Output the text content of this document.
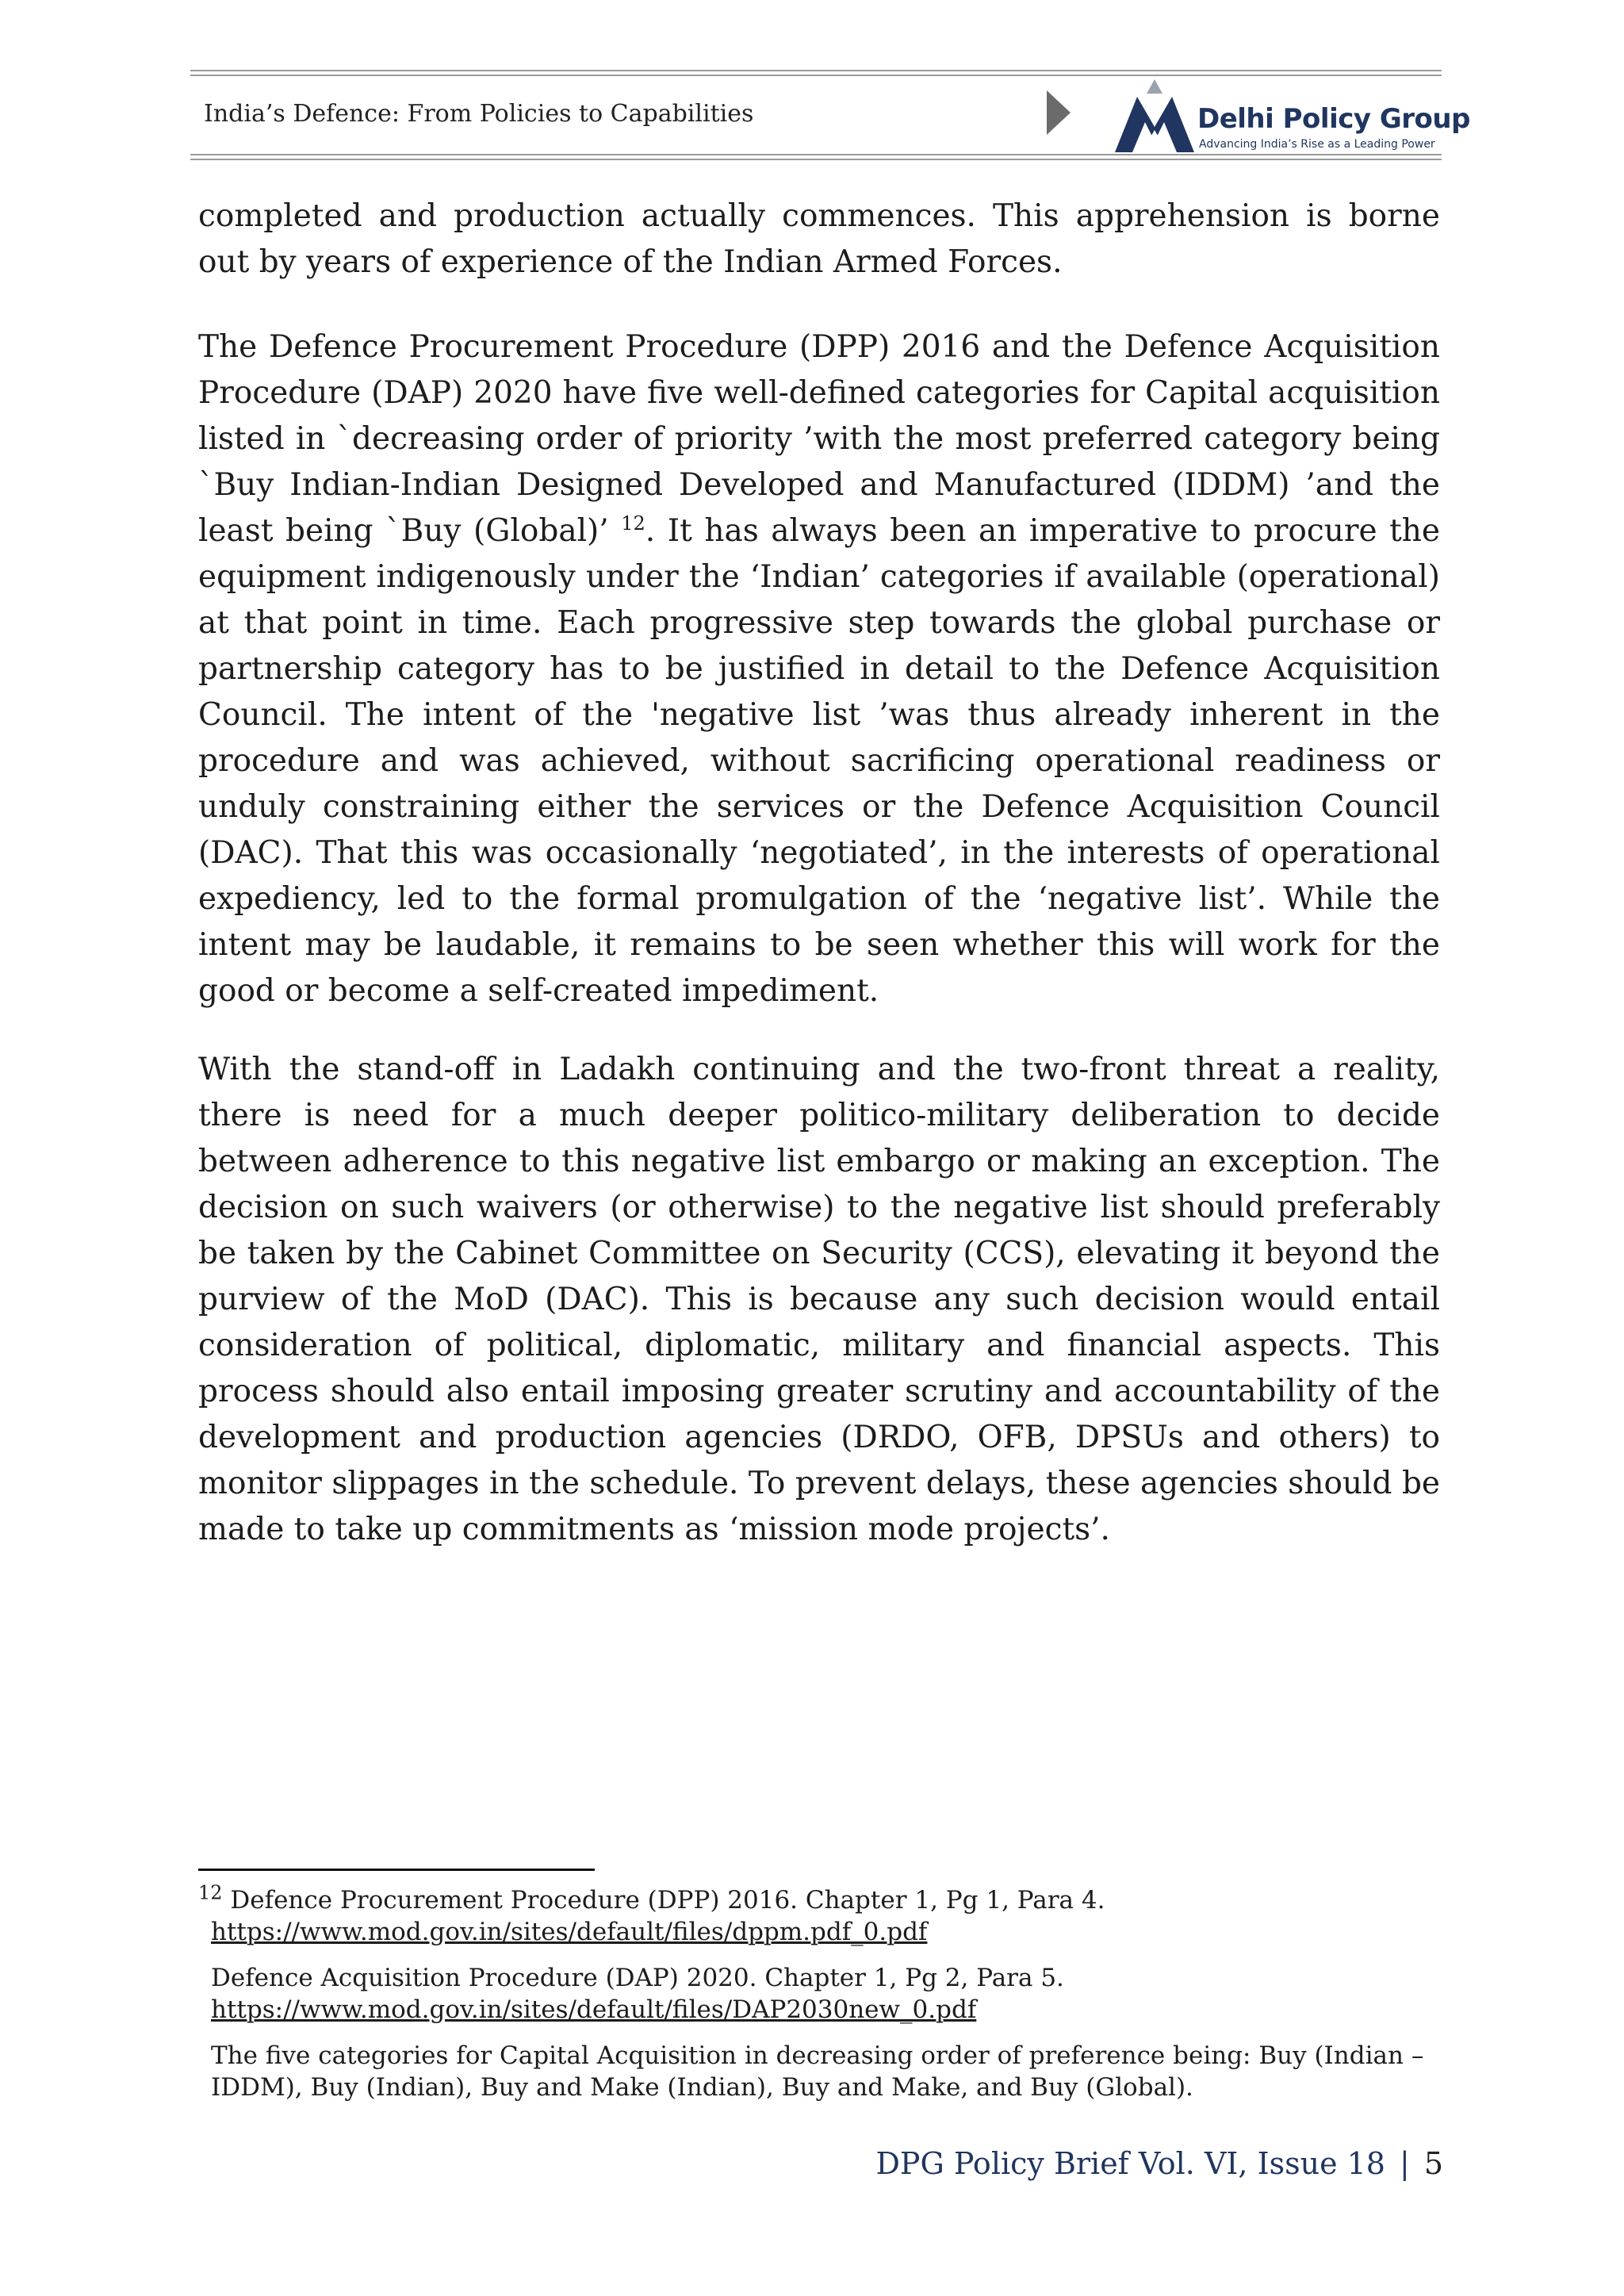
India’s Defence: From Policies to Capabilities	Delhi Policy Group
Advancing India’s Rise as a Leading Power

completed and production actually commences. This apprehension is borne out by years of experience of the Indian Armed Forces.

The Defence Procurement Procedure (DPP) 2016 and the Defence Acquisition Procedure (DAP) 2020 have five well-defined categories for Capital acquisition listed in `decreasing order of priority ’with the most preferred category being `Buy Indian-Indian Designed Developed and Manufactured (IDDM) ’and the least being `Buy (Global)’ $^{12}$. It has always been an imperative to procure the equipment indigenously under the ‘Indian’ categories if available (operational) at that point in time. Each progressive step towards the global purchase or partnership category has to be justified in detail to the Defence Acquisition Council. The intent of the 'negative list ’was thus already inherent in the procedure and was achieved, without sacrificing operational readiness or unduly constraining either the services or the Defence Acquisition Council (DAC). That this was occasionally ‘negotiated’, in the interests of operational expediency, led to the formal promulgation of the ‘negative list’. While the intent may be laudable, it remains to be seen whether this will work for the good or become a self-created impediment.

With the stand-off in Ladakh continuing and the two-front threat a reality, there is need for a much deeper politico-military deliberation to decide between adherence to this negative list embargo or making an exception. The decision on such waivers (or otherwise) to the negative list should preferably be taken by the Cabinet Committee on Security (CCS), elevating it beyond the purview of the MoD (DAC). This is because any such decision would entail consideration of political, diplomatic, military and financial aspects. This process should also entail imposing greater scrutiny and accountability of the development and production agencies (DRDO, OFB, DPSUs and others) to monitor slippages in the schedule. To prevent delays, these agencies should be made to take up commitments as ‘mission mode projects’.

$^{12}$ Defence Procurement Procedure (DPP) 2016. Chapter 1, Pg 1, Para 4.

https://www.mod.gov.in/sites/default/files/dppm.pdf_0.pdf

Defence Acquisition Procedure (DAP) 2020. Chapter 1, Pg 2, Para 5.

https://www.mod.gov.in/sites/default/files/DAP2030new_0.pdf

The five categories for Capital Acquisition in decreasing order of preference being: Buy (Indian – IDDM), Buy (Indian), Buy and Make (Indian), Buy and Make, and Buy (Global).

DPG Policy Brief Vol. VI, Issue 18 | 5
